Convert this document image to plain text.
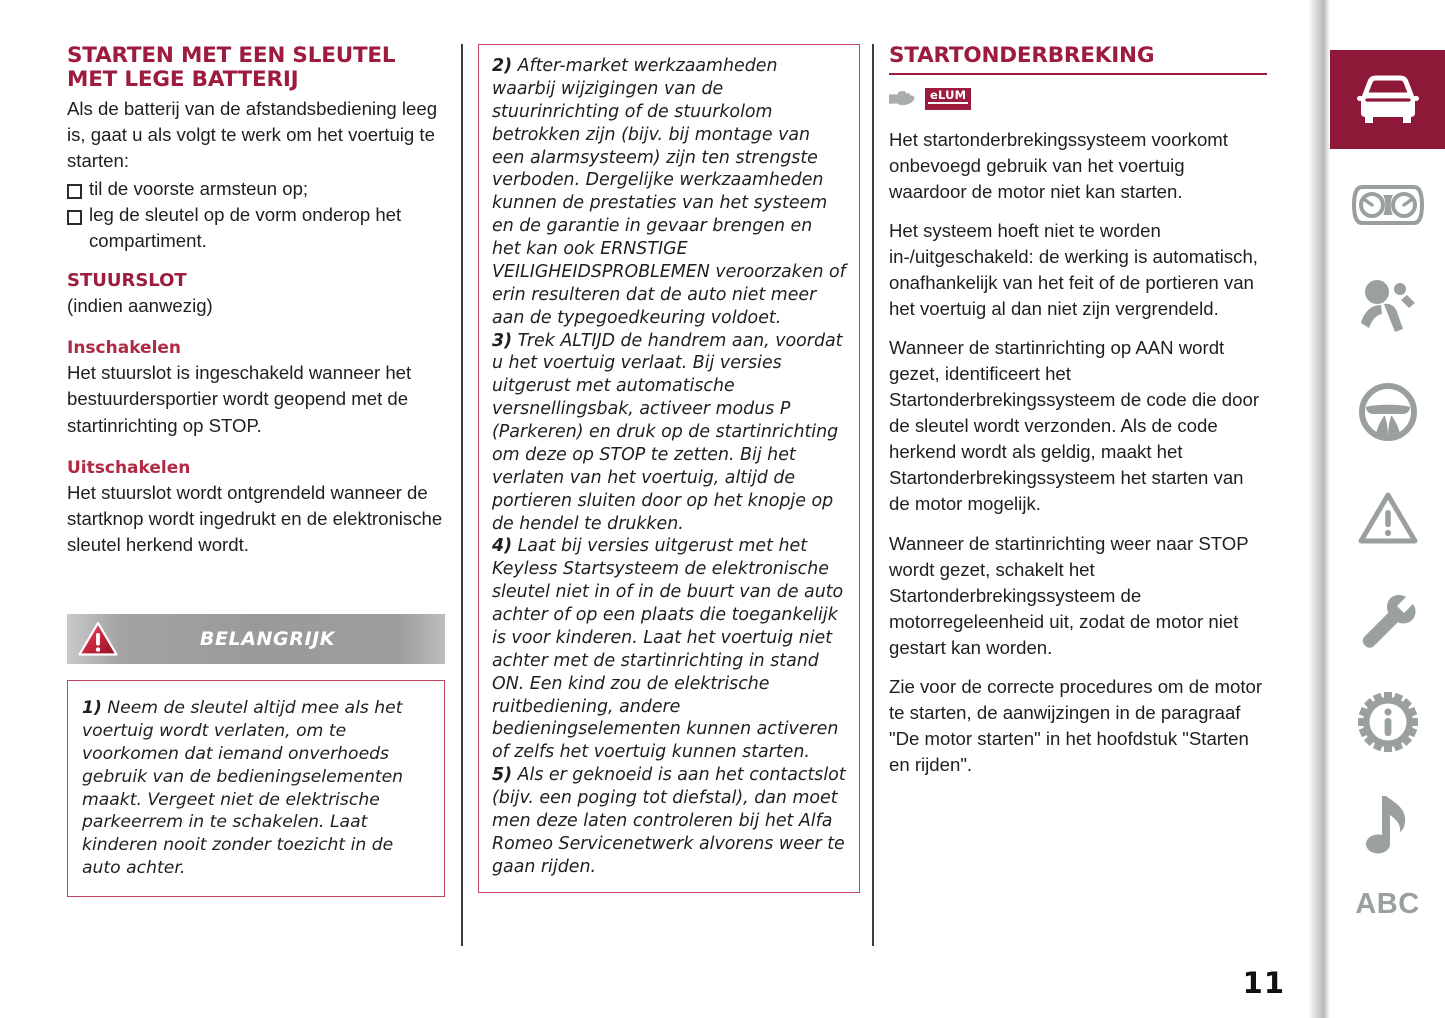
STARTEN MET EEN SLEUTEL MET LEGE BATTERIJ

Als de batterij van de afstandsbediening leeg is, gaat u als volgt te werk om het voertuig te starten:

til de voorste armsteun op;
leg de sleutel op de vorm onderop het compartiment.
STUURSLOT

(indien aanwezig)

Inschakelen

Het stuurslot is ingeschakeld wanneer het bestuurdersportier wordt geopend met de startinrichting op STOP.

Uitschakelen

Het stuurslot wordt ontgrendeld wanneer de startknop wordt ingedrukt en de elektronische sleutel herkend wordt.

BELANGRIJK

1) Neem de sleutel altijd mee als het voertuig wordt verlaten, om te voorkomen dat iemand onverhoeds gebruik van de bedieningselementen maakt. Vergeet niet de elektrische parkeerrem in te schakelen. Laat kinderen nooit zonder toezicht in de auto achter.

2) After-market werkzaamheden waarbij wijzigingen van de stuurinrichting of de stuurkolom betrokken zijn (bijv. bij montage van een alarmsysteem) zijn ten strengste verboden. Dergelijke werkzaamheden kunnen de prestaties van het systeem en de garantie in gevaar brengen en het kan ook ERNSTIGE VEILIGHEIDSPROBLEMEN veroorzaken of erin resulteren dat de auto niet meer aan de typegoedkeuring voldoet.

3) Trek ALTIJD de handrem aan, voordat u het voertuig verlaat. Bij versies uitgerust met automatische versnellingsbak, activeer modus P (Parkeren) en druk op de startinrichting om deze op STOP te zetten. Bij het verlaten van het voertuig, altijd de portieren sluiten door op het knopje op de hendel te drukken.

4) Laat bij versies uitgerust met het Keyless Startsysteem de elektronische sleutel niet in of in de buurt van de auto achter of op een plaats die toegankelijk is voor kinderen. Laat het voertuig niet achter met de startinrichting in stand ON. Een kind zou de elektrische ruitbediening, andere bedieningselementen kunnen activeren of zelfs het voertuig kunnen starten.

5) Als er geknoeid is aan het contactslot (bijv. een poging tot diefstal), dan moet men deze laten controleren bij het Alfa Romeo Servicenetwerk alvorens weer te gaan rijden.

STARTONDERBREKING
eLUM

Het startonderbrekingssysteem voorkomt onbevoegd gebruik van het voertuig waardoor de motor niet kan starten.

Het systeem hoeft niet te worden in-/uitgeschakeld: de werking is automatisch, onafhankelijk van het feit of de portieren van het voertuig al dan niet zijn vergrendeld.

Wanneer de startinrichting op AAN wordt gezet, identificeert het Startonderbrekingssysteem de code die door de sleutel wordt verzonden. Als de code herkend wordt als geldig, maakt het Startonderbrekingssysteem het starten van de motor mogelijk.

Wanneer de startinrichting weer naar STOP wordt gezet, schakelt het Startonderbrekingssysteem de motorregeleenheid uit, zodat de motor niet gestart kan worden.

Zie voor de correcte procedures om de motor te starten, de aanwijzingen in de paragraaf "De motor starten" in het hoofdstuk "Starten en rijden".

ABC
11
